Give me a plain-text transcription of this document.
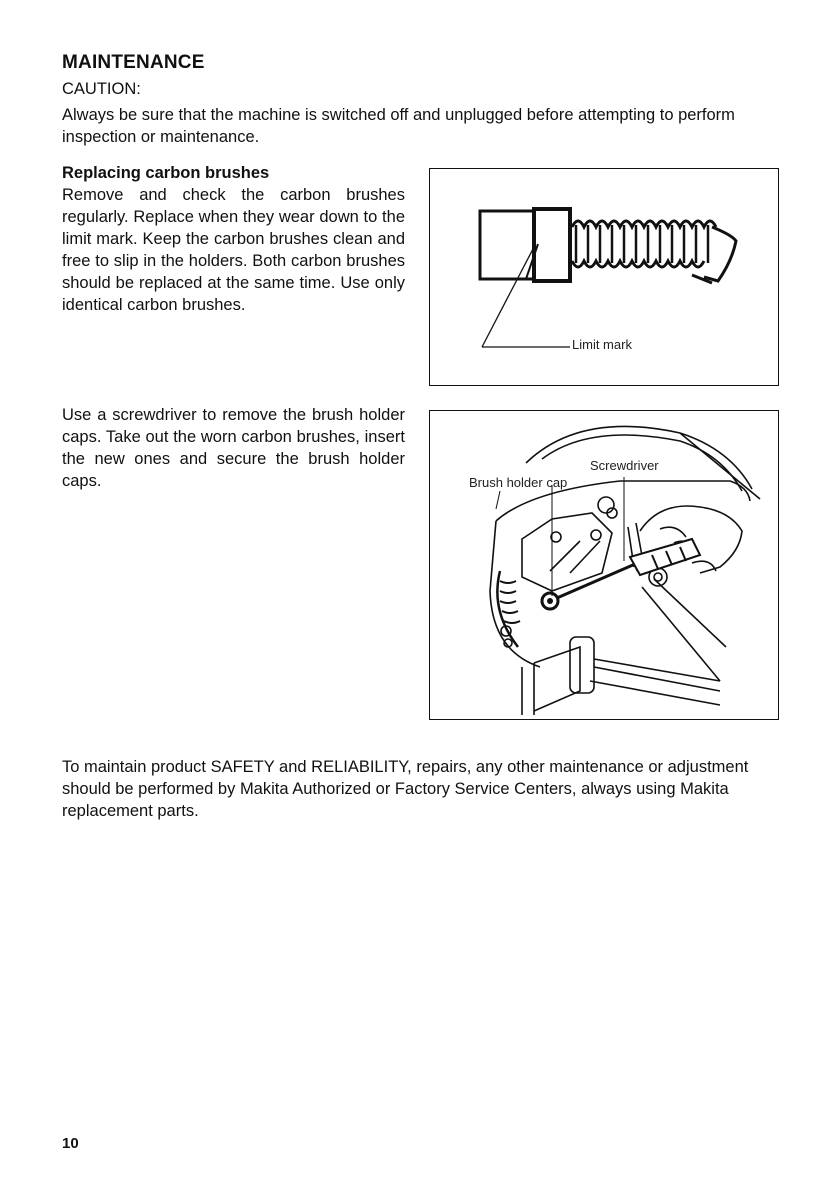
MAINTENANCE
CAUTION:
Always be sure that the machine is switched off and unplugged before attempting to perform inspection or maintenance.
Replacing carbon brushes
Remove and check the carbon brushes regularly. Replace when they wear down to the limit mark. Keep the carbon brushes clean and free to slip in the holders. Both carbon brushes should be replaced at the same time. Use only identical carbon brushes.
Limit mark
Use a screwdriver to remove the brush holder caps. Take out the worn carbon brushes, insert the new ones and secure the brush holder caps.
Screwdriver
Brush holder cap
To maintain product SAFETY and RELIABILITY, repairs, any other maintenance or adjustment should be performed by Makita Authorized or Factory Service Centers, always using Makita replacement parts.
10
